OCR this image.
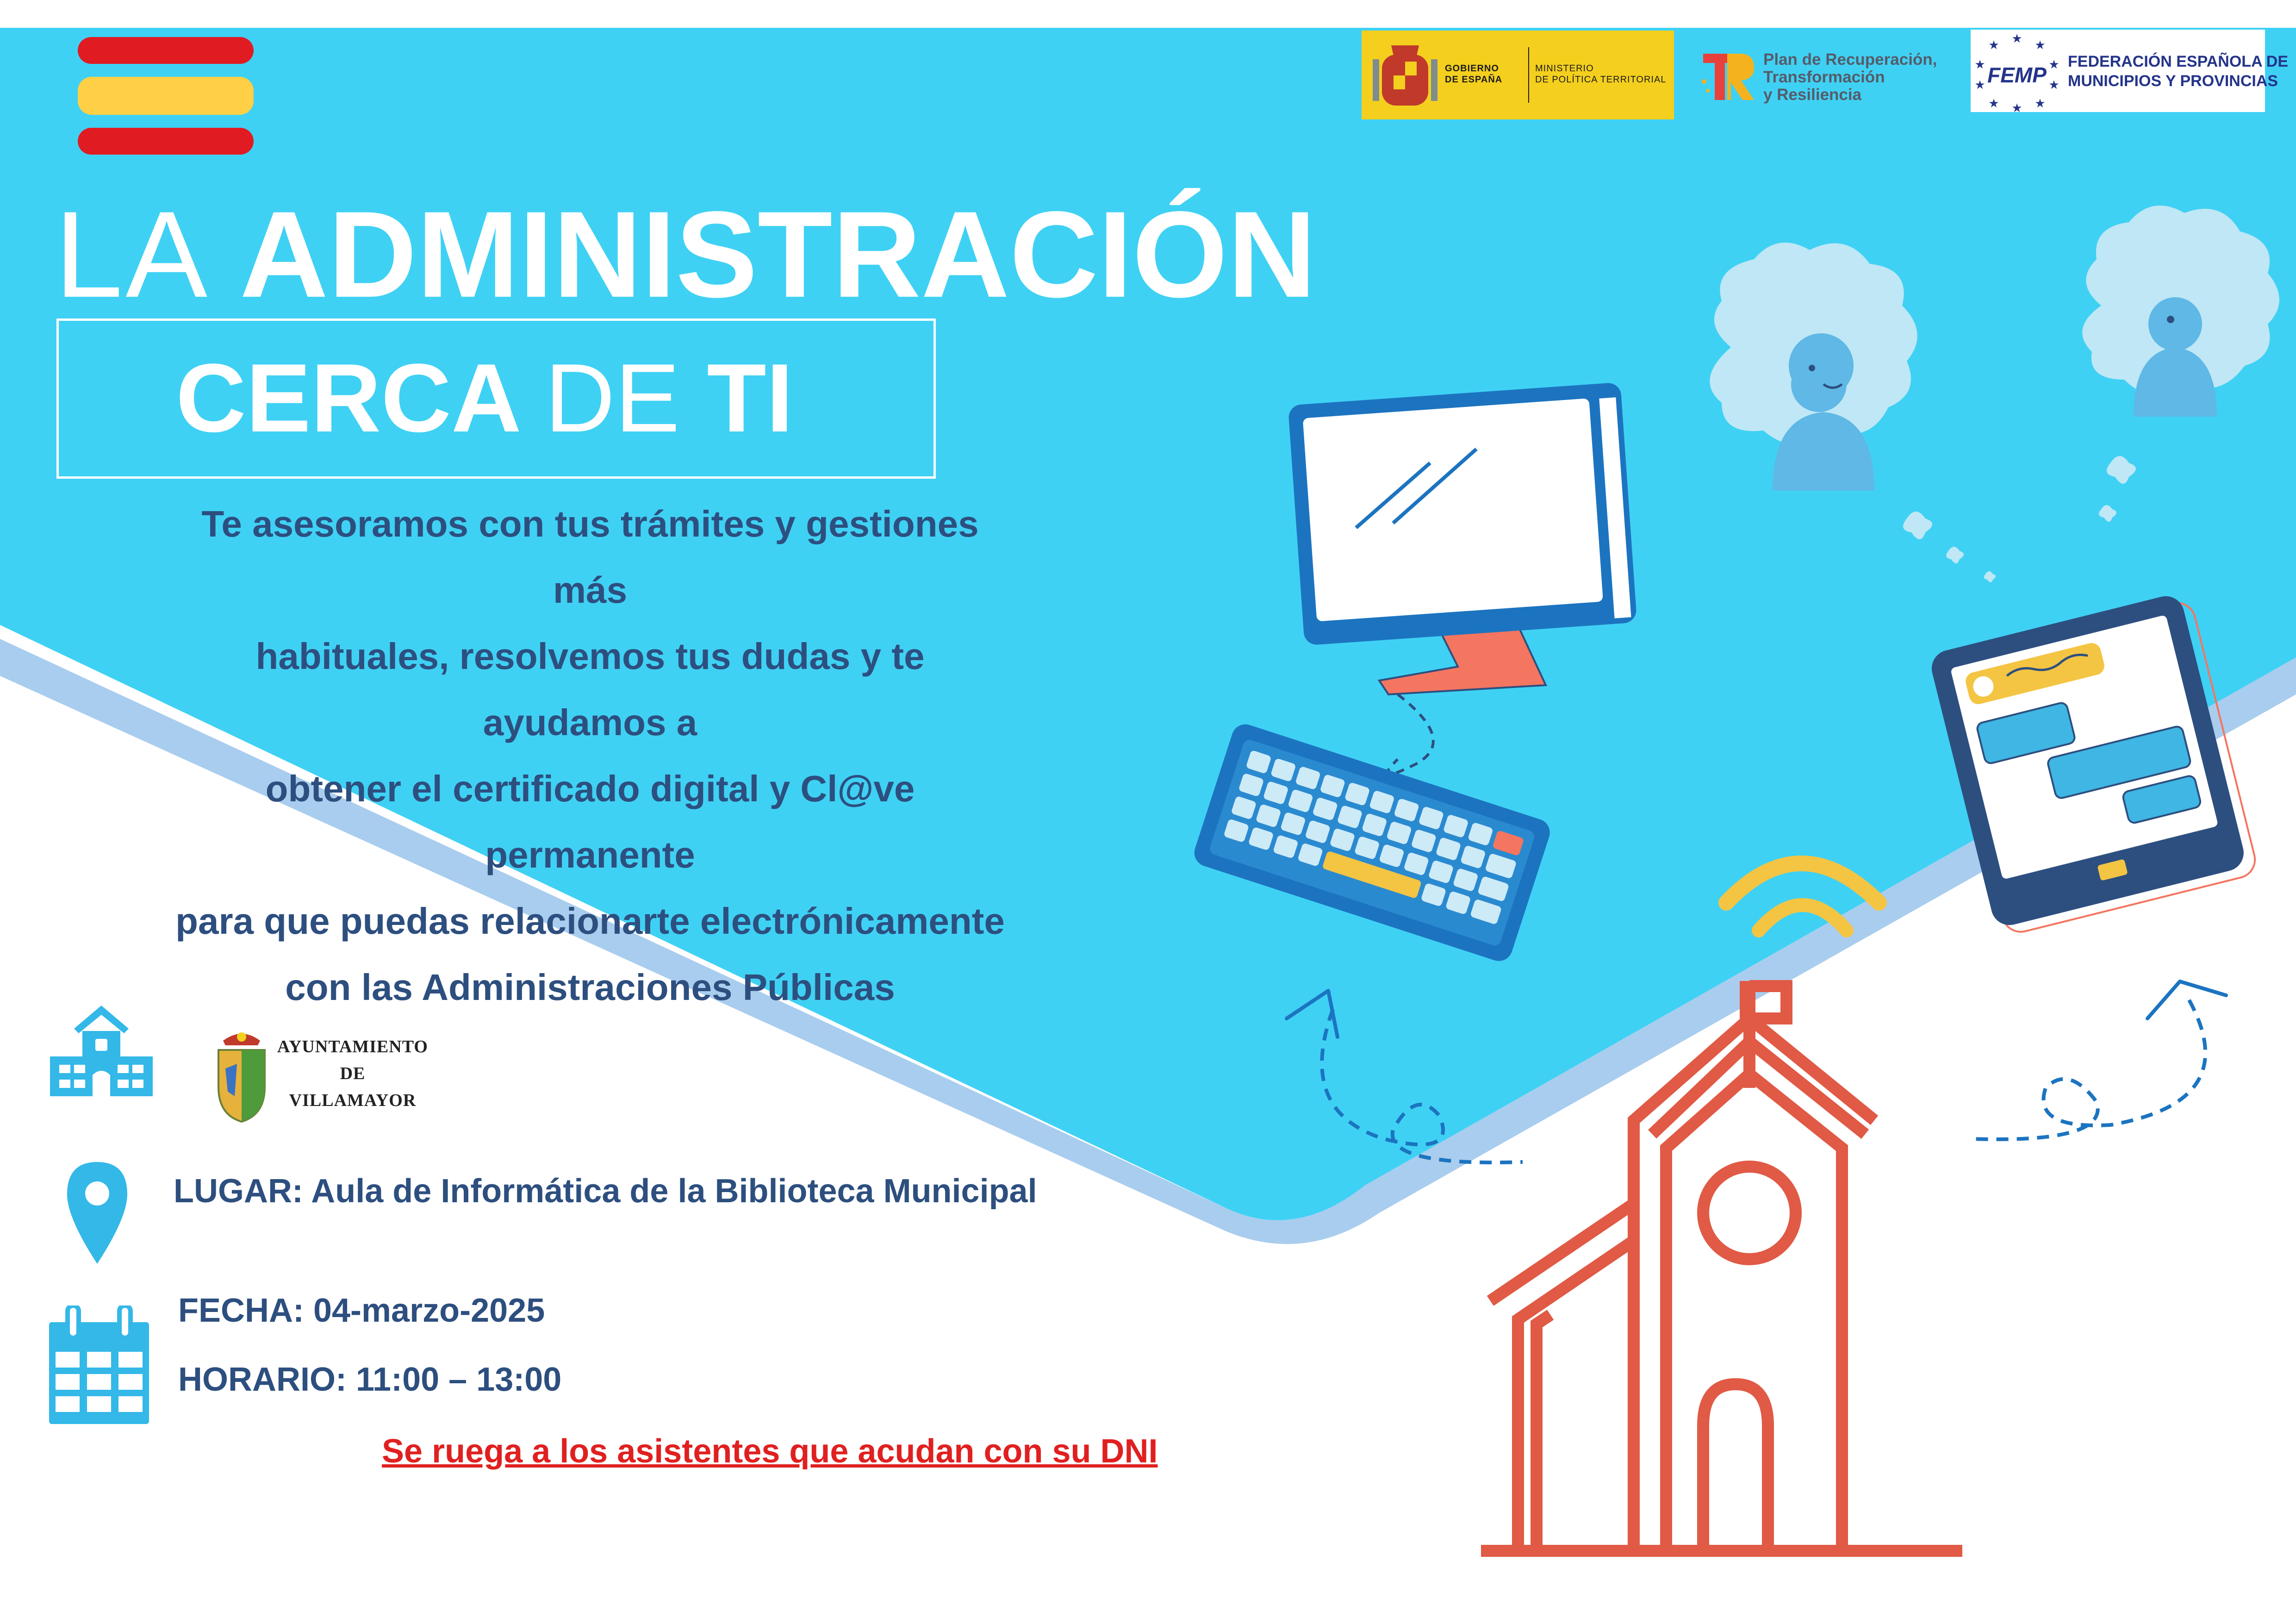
GOBIERNO
DE ESPAÑA
MINISTERIO
DE POLÍTICA TERRITORIAL
Plan de Recuperación,
Transformación
y Resiliencia
★ ★
★
★
★
★
★
★
★
★
FEMP
FEDERACIÓN ESPAÑOLA DE
MUNICIPIOS Y PROVINCIAS
LA ADMINISTRACIÓN
CERCA DE TI
Te asesoramos con tus trámites y gestiones más
habituales, resolvemos tus dudas y te ayudamos a
obtener el certificado digital y Cl@ve permanente
para que puedas relacionarte electrónicamente
con las Administraciones Públicas
AYUNTAMIENTO
DE
VILLAMAYOR
LUGAR: Aula de Informática de la Biblioteca Municipal
FECHA: 04-marzo-2025
HORARIO: 11:00 – 13:00
Se ruega a los asistentes que acudan con su DNI
